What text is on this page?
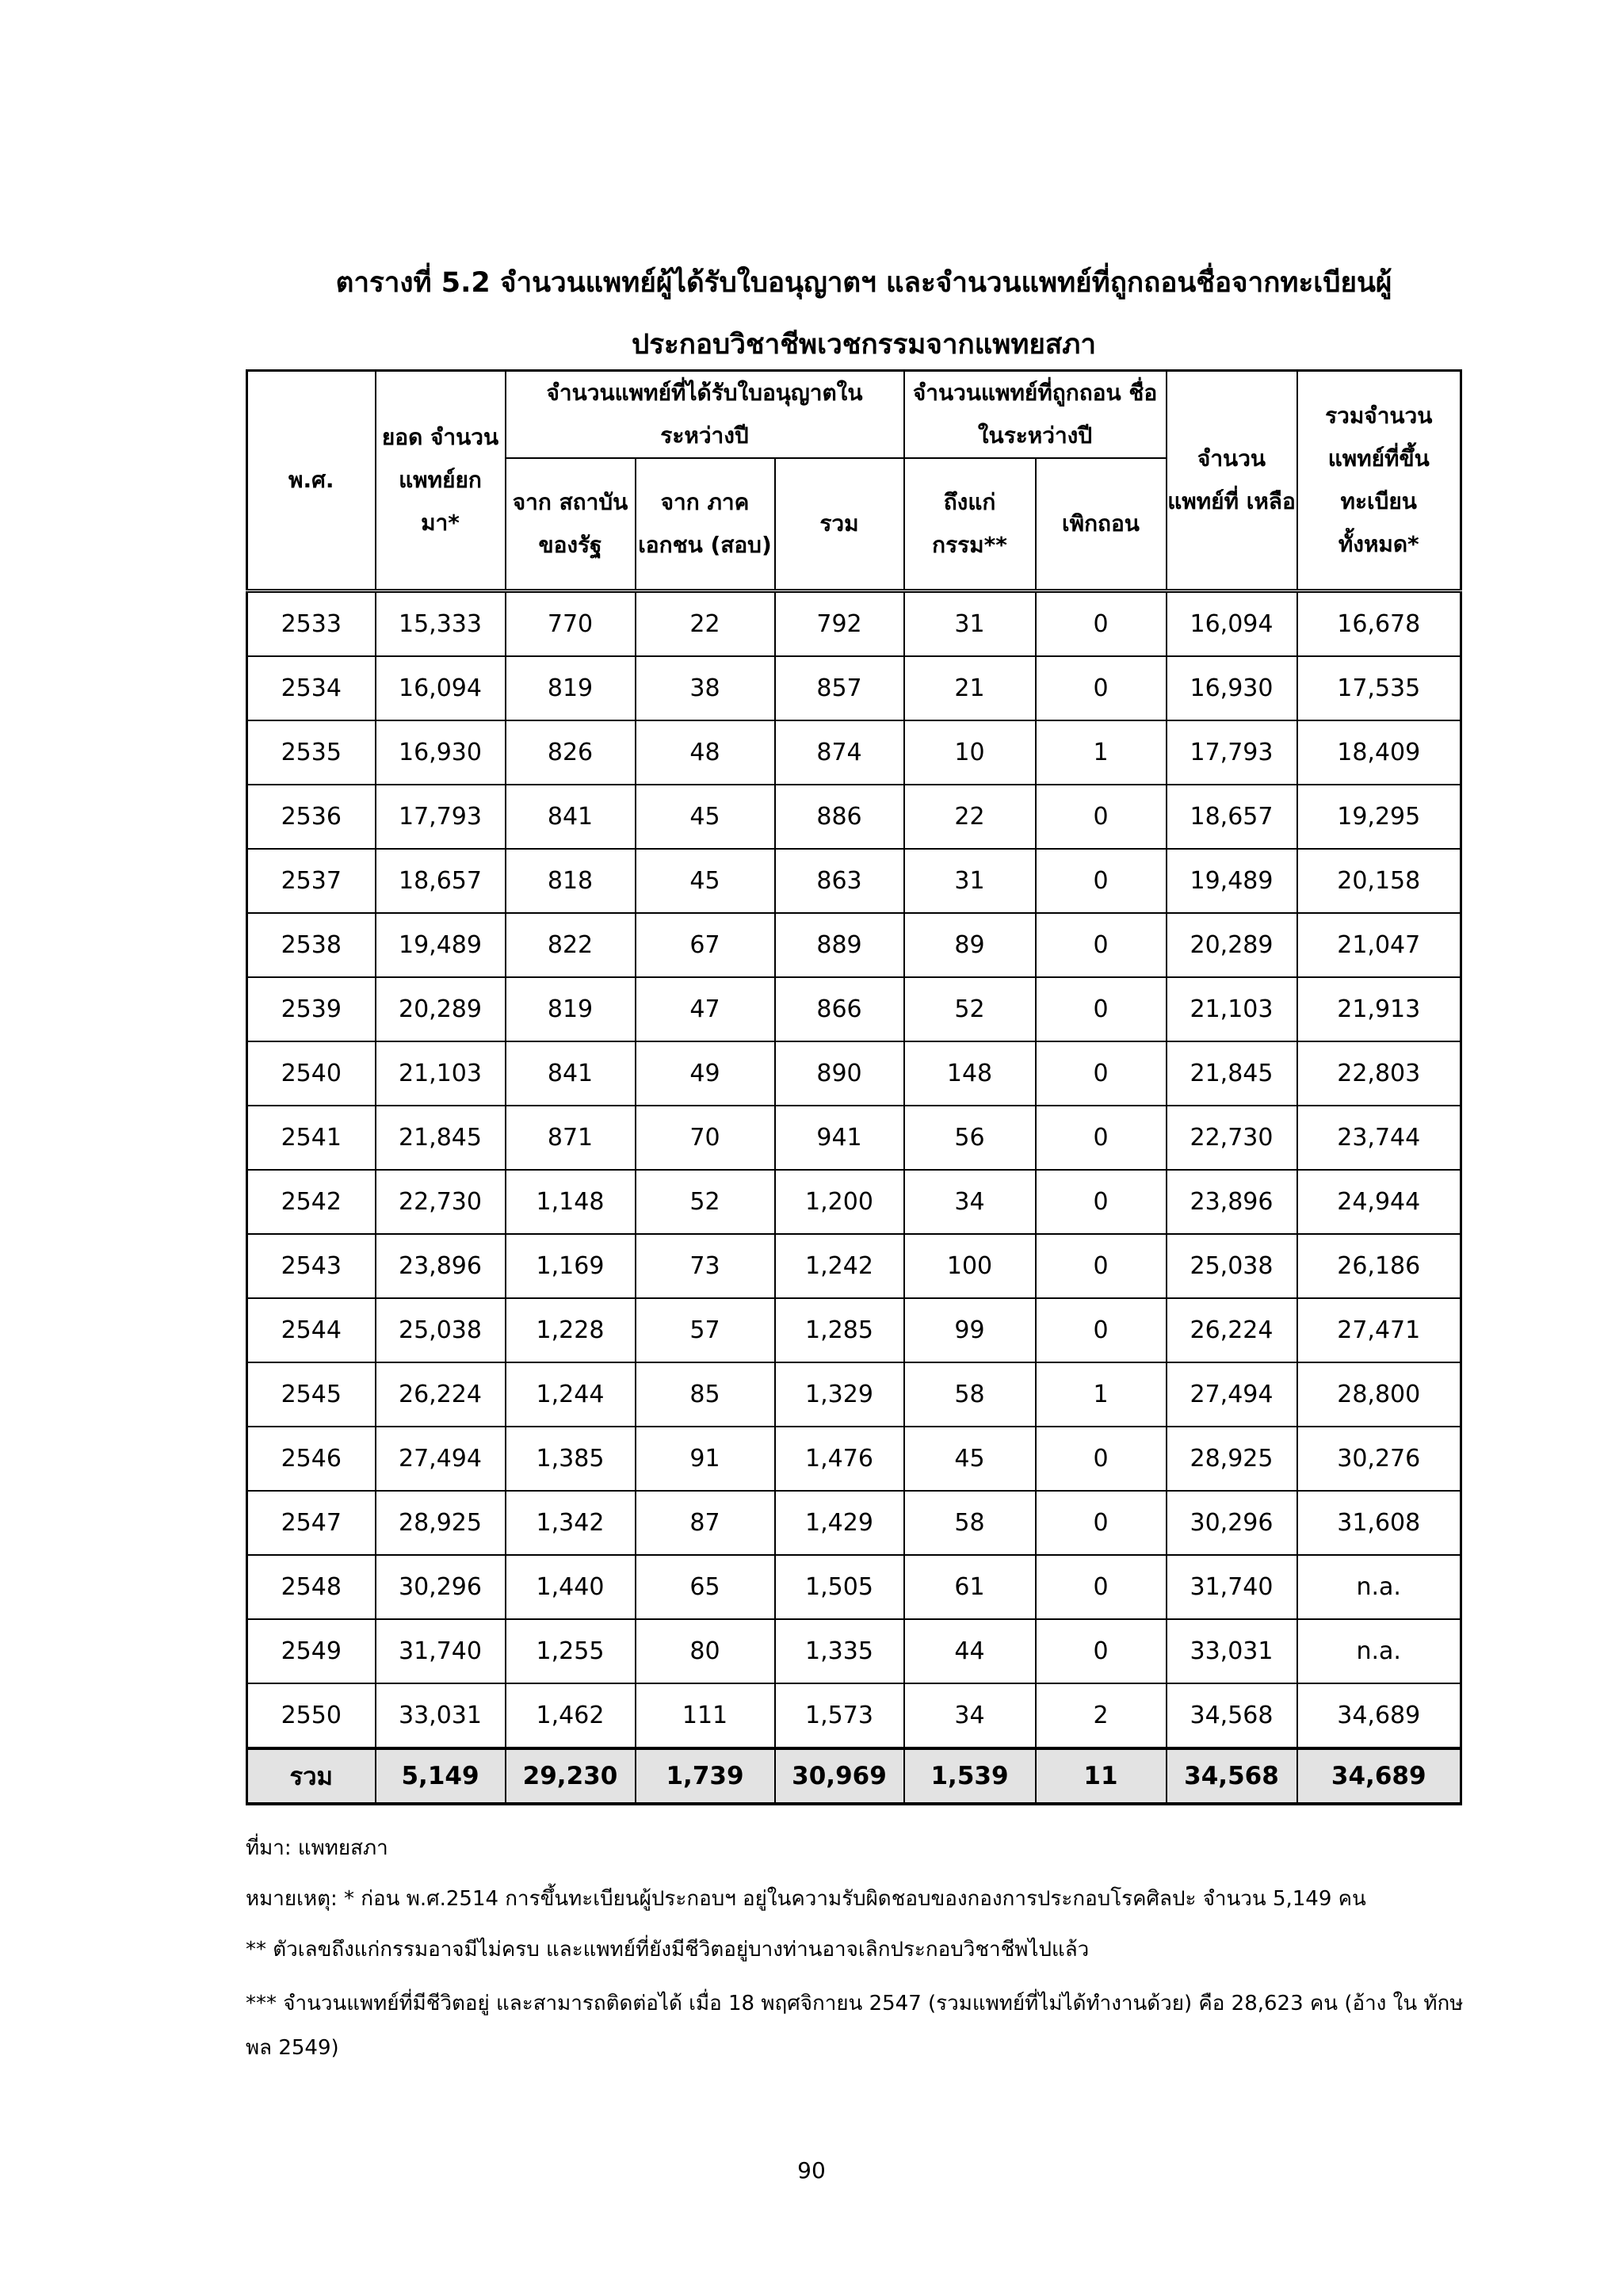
ตารางที่ 5.2 จำนวนแพทย์ผู้ได้รับใบอนุญาตฯ และจำนวนแพทย์ที่ถูกถอนชื่อจากทะเบียนผู้
ประกอบวิชาชีพเวชกรรมจากแพทยสภา
พ.ศ.	ยอด จำนวน แพทย์ยก มา*	จำนวนแพทย์ที่ได้รับใบอนุญาตใน ระหว่างปี			จำนวนแพทย์ที่ถูกถอน ชื่อในระหว่างปี		จำนวน แพทย์ที่ เหลือ	รวมจำนวน แพทย์ที่ขึ้น ทะเบียน ทั้งหมด*
		จาก สถาบัน ของรัฐ	จาก ภาคเอกชน (สอบ)	รวม	ถึงแก่ กรรม**	เพิกถอน		
2533	15,333	770	22	792	31	0	16,094	16,678
2534	16,094	819	38	857	21	0	16,930	17,535
2535	16,930	826	48	874	10	1	17,793	18,409
2536	17,793	841	45	886	22	0	18,657	19,295
2537	18,657	818	45	863	31	0	19,489	20,158
2538	19,489	822	67	889	89	0	20,289	21,047
2539	20,289	819	47	866	52	0	21,103	21,913
2540	21,103	841	49	890	148	0	21,845	22,803
2541	21,845	871	70	941	56	0	22,730	23,744
2542	22,730	1,148	52	1,200	34	0	23,896	24,944
2543	23,896	1,169	73	1,242	100	0	25,038	26,186
2544	25,038	1,228	57	1,285	99	0	26,224	27,471
2545	26,224	1,244	85	1,329	58	1	27,494	28,800
2546	27,494	1,385	91	1,476	45	0	28,925	30,276
2547	28,925	1,342	87	1,429	58	0	30,296	31,608
2548	30,296	1,440	65	1,505	61	0	31,740	n.a.
2549	31,740	1,255	80	1,335	44	0	33,031	n.a.
2550	33,031	1,462	111	1,573	34	2	34,568	34,689
รวม	5,149	29,230	1,739	30,969	1,539	11	34,568	34,689

ที่มา: แพทยสภา

หมายเหตุ: * ก่อน พ.ศ.2514 การขึ้นทะเบียนผู้ประกอบฯ อยู่ในความรับผิดชอบของกองการประกอบโรคศิลปะ จำนวน 5,149 คน

** ตัวเลขถึงแก่กรรมอาจมีไม่ครบ และแพทย์ที่ยังมีชีวิตอยู่บางท่านอาจเลิกประกอบวิชาชีพไปแล้ว

*** จำนวนแพทย์ที่มีชีวิตอยู่ และสามารถติดต่อได้ เมื่อ 18 พฤศจิกายน 2547 (รวมแพทย์ที่ไม่ได้ทำงานด้วย) คือ 28,623 คน (อ้าง ใน ทักษพล 2549)

90
